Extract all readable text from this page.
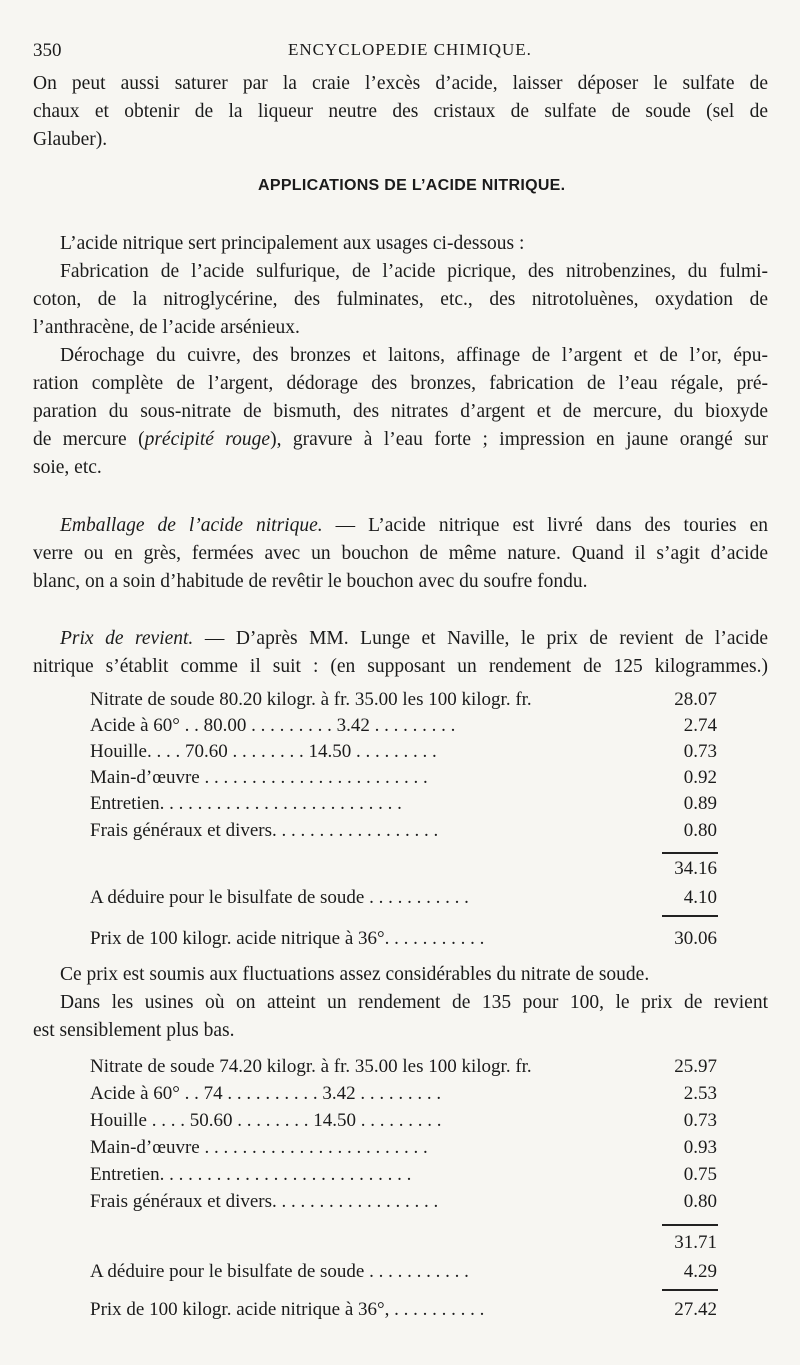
350	ENCYCLOPEDIE CHIMIQUE.
On peut aussi saturer par la craie l’excès d’acide, laisser déposer le sulfate de
chaux et obtenir de la liqueur neutre des cristaux de sulfate de soude (sel de
Glauber).
APPLICATIONS DE L’ACIDE NITRIQUE.
L’acide nitrique sert principalement aux usages ci-dessous :
Fabrication de l’acide sulfurique, de l’acide picrique, des nitrobenzines, du fulmi-
coton, de la nitroglycérine, des fulminates, etc., des nitrotoluènes, oxydation de
l’anthracène, de l’acide arsénieux.
Dérochage du cuivre, des bronzes et laitons, affinage de l’argent et de l’or, épu-
ration complète de l’argent, dédorage des bronzes, fabrication de l’eau régale, pré-
paration du sous-nitrate de bismuth, des nitrates d’argent et de mercure, du bioxyde
de mercure (précipité rouge), gravure à l’eau forte ; impression en jaune orangé sur
soie, etc.
Emballage de l’acide nitrique. — L’acide nitrique est livré dans des touries en
verre ou en grès, fermées avec un bouchon de même nature. Quand il s’agit d’acide
blanc, on a soin d’habitude de revêtir le bouchon avec du soufre fondu.
Prix de revient. — D’après MM. Lunge et Naville, le prix de revient de l’acide
nitrique s’établit comme il suit : (en supposant un rendement de 125 kilogrammes.)
Nitrate de soude 80.20 kilogr. à fr. 35.00 les 100 kilogr. fr.	28.07
Acide à 60° . . 80.00 . . . . . . . . . 3.42 . . . . . . . . .	2.74
Houille. . . . 70.60 . . . . . . . . 14.50 . . . . . . . . .	0.73
Main-d’œuvre . . . . . . . . . . . . . . . . . . . . . . . .	0.92
Entretien. . . . . . . . . . . . . . . . . . . . . . . . . .	0.89
Frais généraux et divers. . . . . . . . . . . . . . . . . .	0.80
34.16
A déduire pour le bisulfate de soude . . . . . . . . . . .	4.10
Prix de 100 kilogr. acide nitrique à 36°. . . . . . . . . . .	30.06
Ce prix est soumis aux fluctuations assez considérables du nitrate de soude.
Dans les usines où on atteint un rendement de 135 pour 100, le prix de revient
est sensiblement plus bas.
Nitrate de soude 74.20 kilogr. à fr. 35.00 les 100 kilogr. fr.	25.97
Acide à 60° . . 74 . . . . . . . . . . 3.42 . . . . . . . . .	2.53
Houille . . . . 50.60 . . . . . . . . 14.50 . . . . . . . . .	0.73
Main-d’œuvre . . . . . . . . . . . . . . . . . . . . . . . .	0.93
Entretien. . . . . . . . . . . . . . . . . . . . . . . . . . .	0.75
Frais généraux et divers. . . . . . . . . . . . . . . . . .	0.80
31.71
A déduire pour le bisulfate de soude . . . . . . . . . . .	4.29
Prix de 100 kilogr. acide nitrique à 36°, . . . . . . . . . .	27.42
